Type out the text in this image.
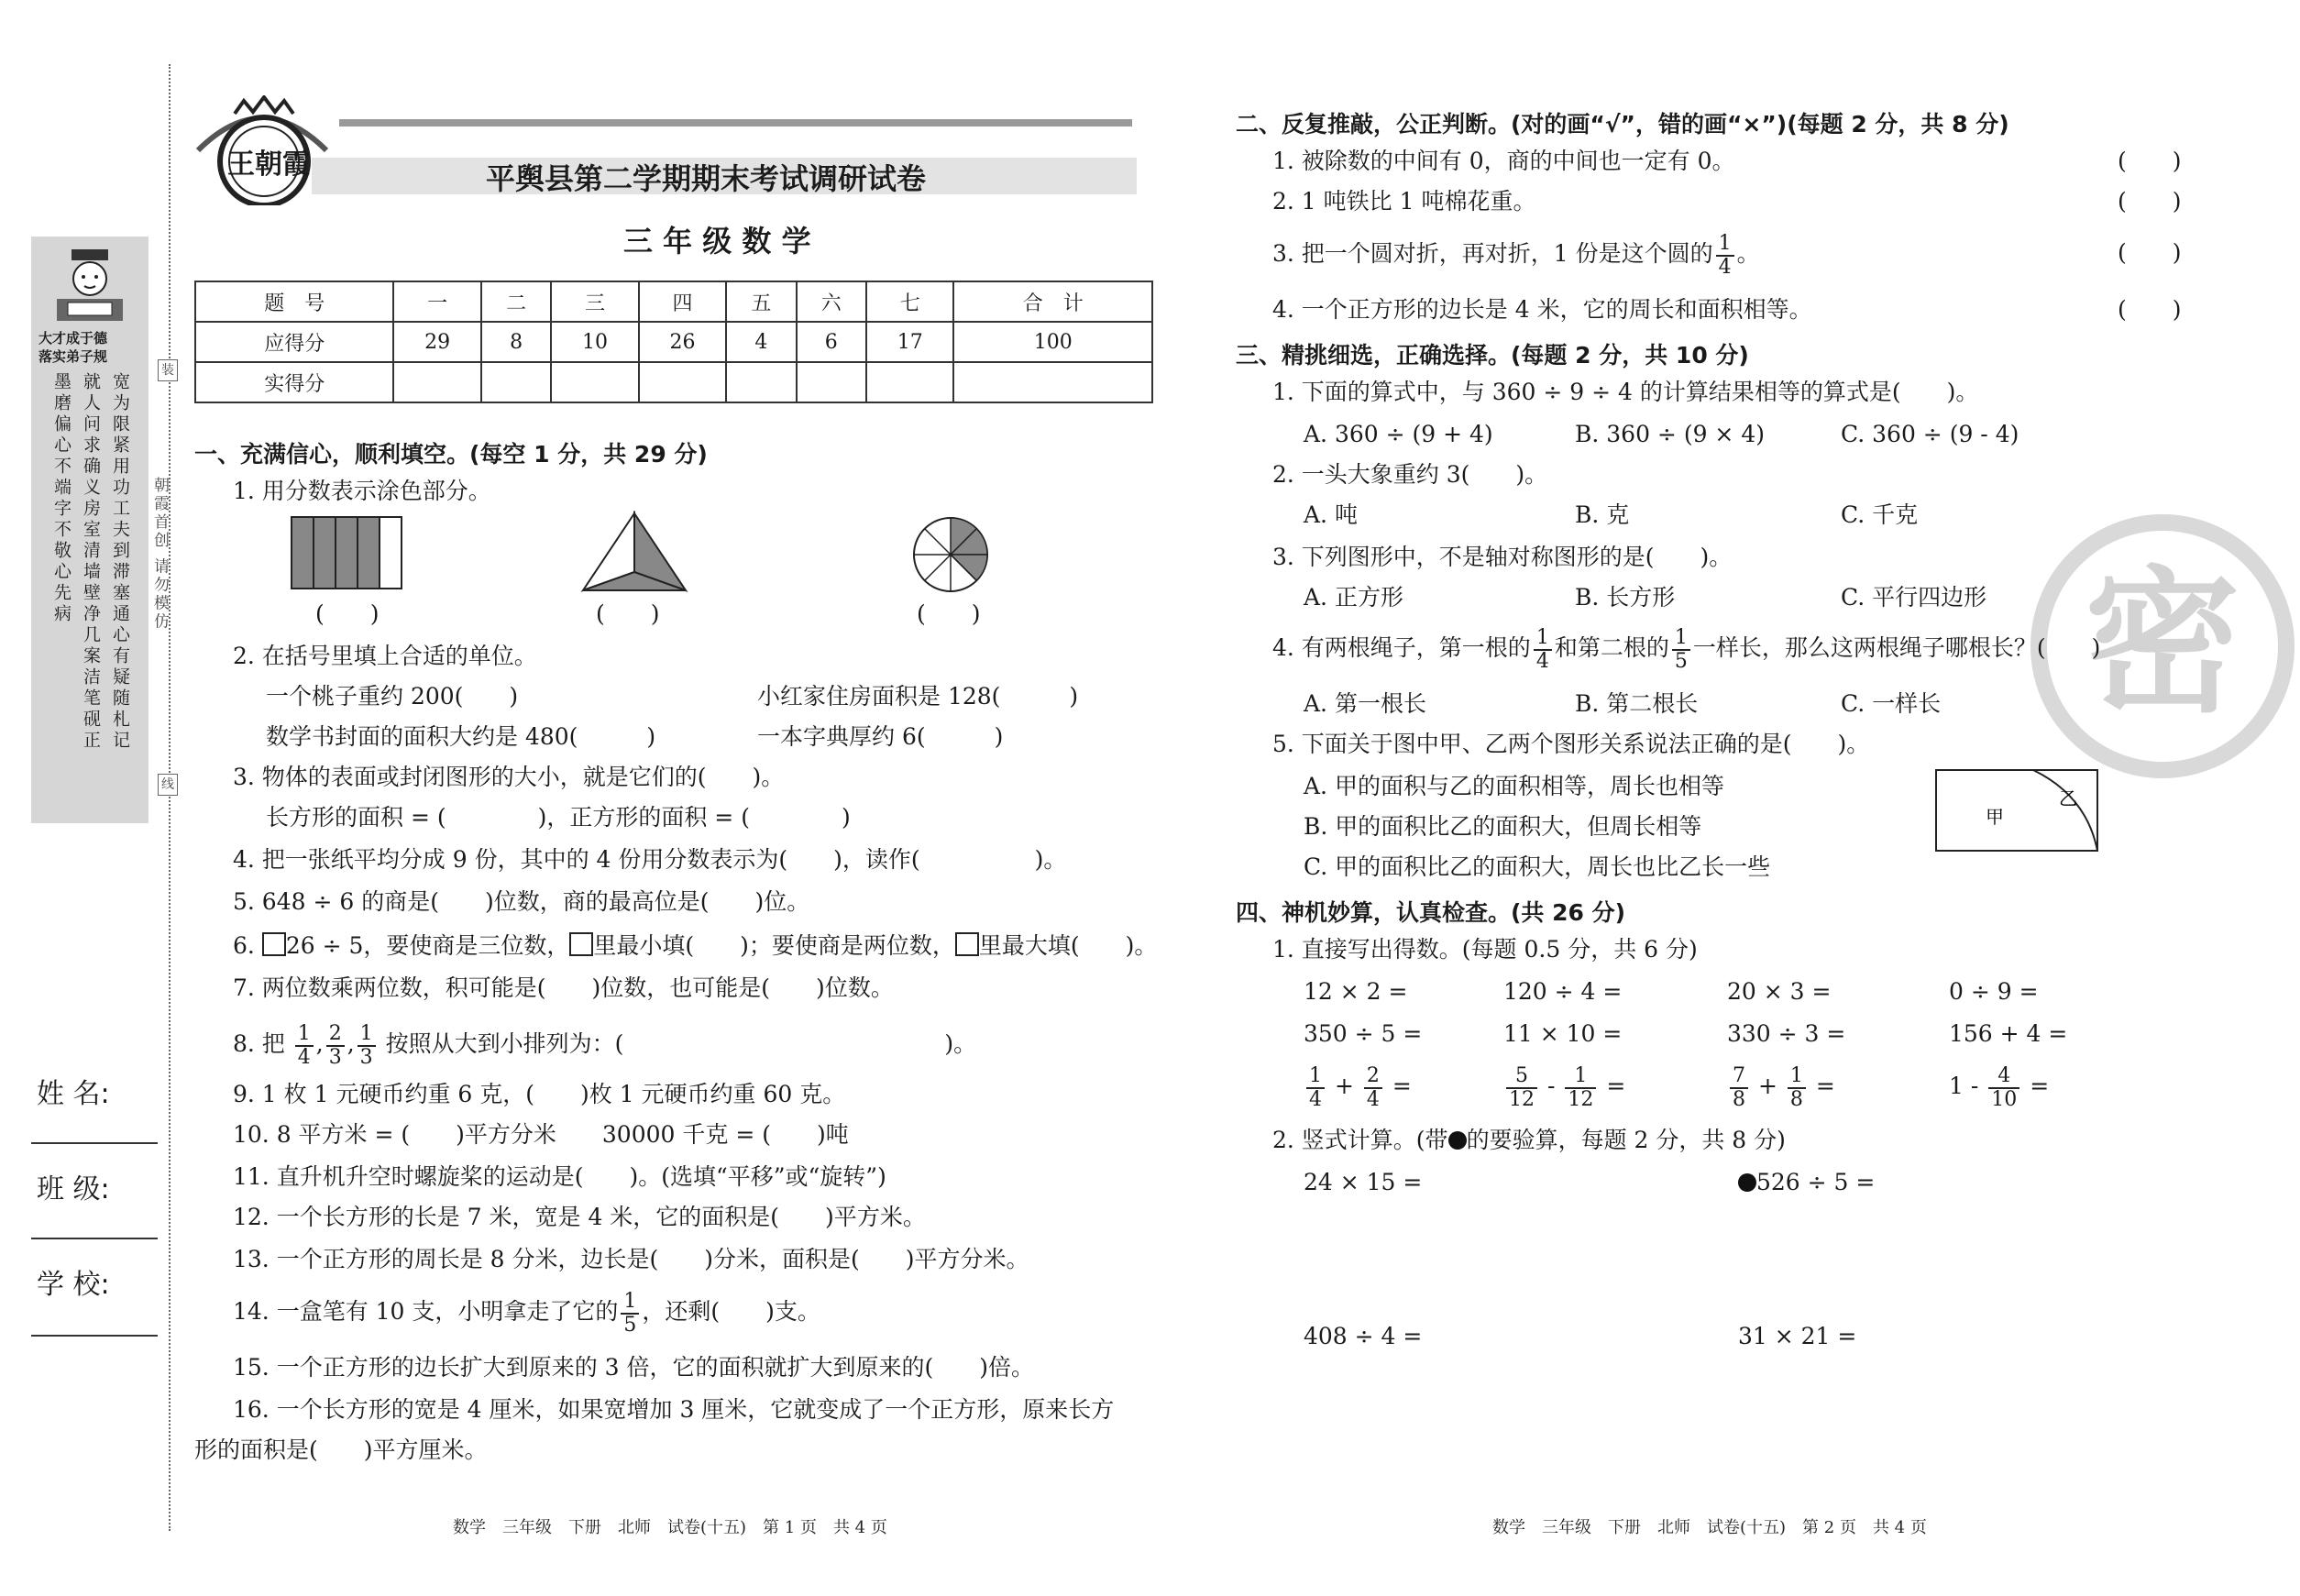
大才成于德
落实弟子规
宽为限紧用功工夫到滞塞通心有疑随札记
就人问求确义房室清墙壁净几案洁笔砚正
墨磨偏心不端字不敬心先病
装
线
朝霞首创 请勿模仿
姓 名:
班 级:
学 校:
王朝霞	平舆县第二学期期末考试调研试卷
三 年 级 数 学
题　号	一	二	三	四	五	六	七	合　计
应得分	29	8	10	26	4	6	17	100
实得分								
一、充满信心，顺利填空。(每空 1 分，共 29 分)
1. 用分数表示涂色部分。
(　　)	(　　)	(　　)
2. 在括号里填上合适的单位。
一个桃子重约 200(　　)	小红家住房面积是 128(　　　)
数学书封面的面积大约是 480(　　　)	一本字典厚约 6(　　　)
3. 物体的表面或封闭图形的大小，就是它们的(　　)。
长方形的面积 = (　　　　)，正方形的面积 = (　　　　)
4. 把一张纸平均分成 9 份，其中的 4 份用分数表示为(　　)，读作(　　　　　)。
5. 648 ÷ 6 的商是(　　)位数，商的最高位是(　　)位。
6. 26 ÷ 5，要使商是三位数， 里最小填(　　)；要使商是两位数， 里最大填(　　)。
7. 两位数乘两位数，积可能是(　　)位数，也可能是(　　)位数。
8. 把 $\frac{1}{4}$ , $\frac{2}{3}$ , $\frac{1}{3}$ 按照从大到小排列为：(　　　　　　　　　　　　　　)。
9. 1 枚 1 元硬币约重 6 克，(　　)枚 1 元硬币约重 60 克。
10. 8 平方米 = (　　)平方分米　　30000 千克 = (　　)吨
11. 直升机升空时螺旋桨的运动是(　　)。(选填“平移”或“旋转”)
12. 一个长方形的长是 7 米，宽是 4 米，它的面积是(　　)平方米。
13. 一个正方形的周长是 8 分米，边长是(　　)分米，面积是(　　)平方分米。
14. 一盒笔有 10 支，小明拿走了它的 $\frac{1}{5}$ ，还剩(　　)支。
15. 一个正方形的边长扩大到原来的 3 倍，它的面积就扩大到原来的(　　)倍。
16. 一个长方形的宽是 4 厘米，如果宽增加 3 厘米，它就变成了一个正方形，原来长方
形的面积是(　　)平方厘米。
数学　三年级　下册　北师　试卷(十五)　第 1 页　共 4 页
密
二、反复推敲，公正判断。(对的画“√”，错的画“×”)(每题 2 分，共 8 分)
1. 被除数的中间有 0，商的中间也一定有 0。	(　　)
2. 1 吨铁比 1 吨棉花重。	(　　)
3. 把一个圆对折，再对折，1 份是这个圆的 $\frac{1}{4}$ 。	(　　)
4. 一个正方形的边长是 4 米，它的周长和面积相等。	(　　)
三、精挑细选，正确选择。(每题 2 分，共 10 分)
1. 下面的算式中，与 360 ÷ 9 ÷ 4 的计算结果相等的算式是(　　)。
A. 360 ÷ (9 + 4)	B. 360 ÷ (9 × 4)	C. 360 ÷ (9 - 4)
2. 一头大象重约 3(　　)。
A. 吨	B. 克	C. 千克
3. 下列图形中，不是轴对称图形的是(　　)。
A. 正方形	B. 长方形	C. 平行四边形
4. 有两根绳子，第一根的 $\frac{1}{4}$ 和第二根的 $\frac{1}{5}$ 一样长，那么这两根绳子哪根长？(　　)
A. 第一根长	B. 第二根长	C. 一样长
5. 下面关于图中甲、乙两个图形关系说法正确的是(　　)。
A. 甲的面积与乙的面积相等，周长也相等
B. 甲的面积比乙的面积大，但周长相等
C. 甲的面积比乙的面积大，周长也比乙长一些
甲
乙
四、神机妙算，认真检查。(共 26 分)
1. 直接写出得数。(每题 0.5 分，共 6 分)
12 × 2 =	120 ÷ 4 =	20 × 3 =	0 ÷ 9 =
350 ÷ 5 =	11 × 10 =	330 ÷ 3 =	156 + 4 =
$\frac{1}{4} + \frac{2}{4}$ =	$\frac{5}{12} - \frac{1}{12}$ =	$\frac{7}{8} + \frac{1}{8}$ =	$1 - \frac{4}{10}$ =
2. 竖式计算。(带 的要验算，每题 2 分，共 8 分)
24 × 15 =	526 ÷ 5 =
408 ÷ 4 =	31 × 21 =
数学　三年级　下册　北师　试卷(十五)　第 2 页　共 4 页
